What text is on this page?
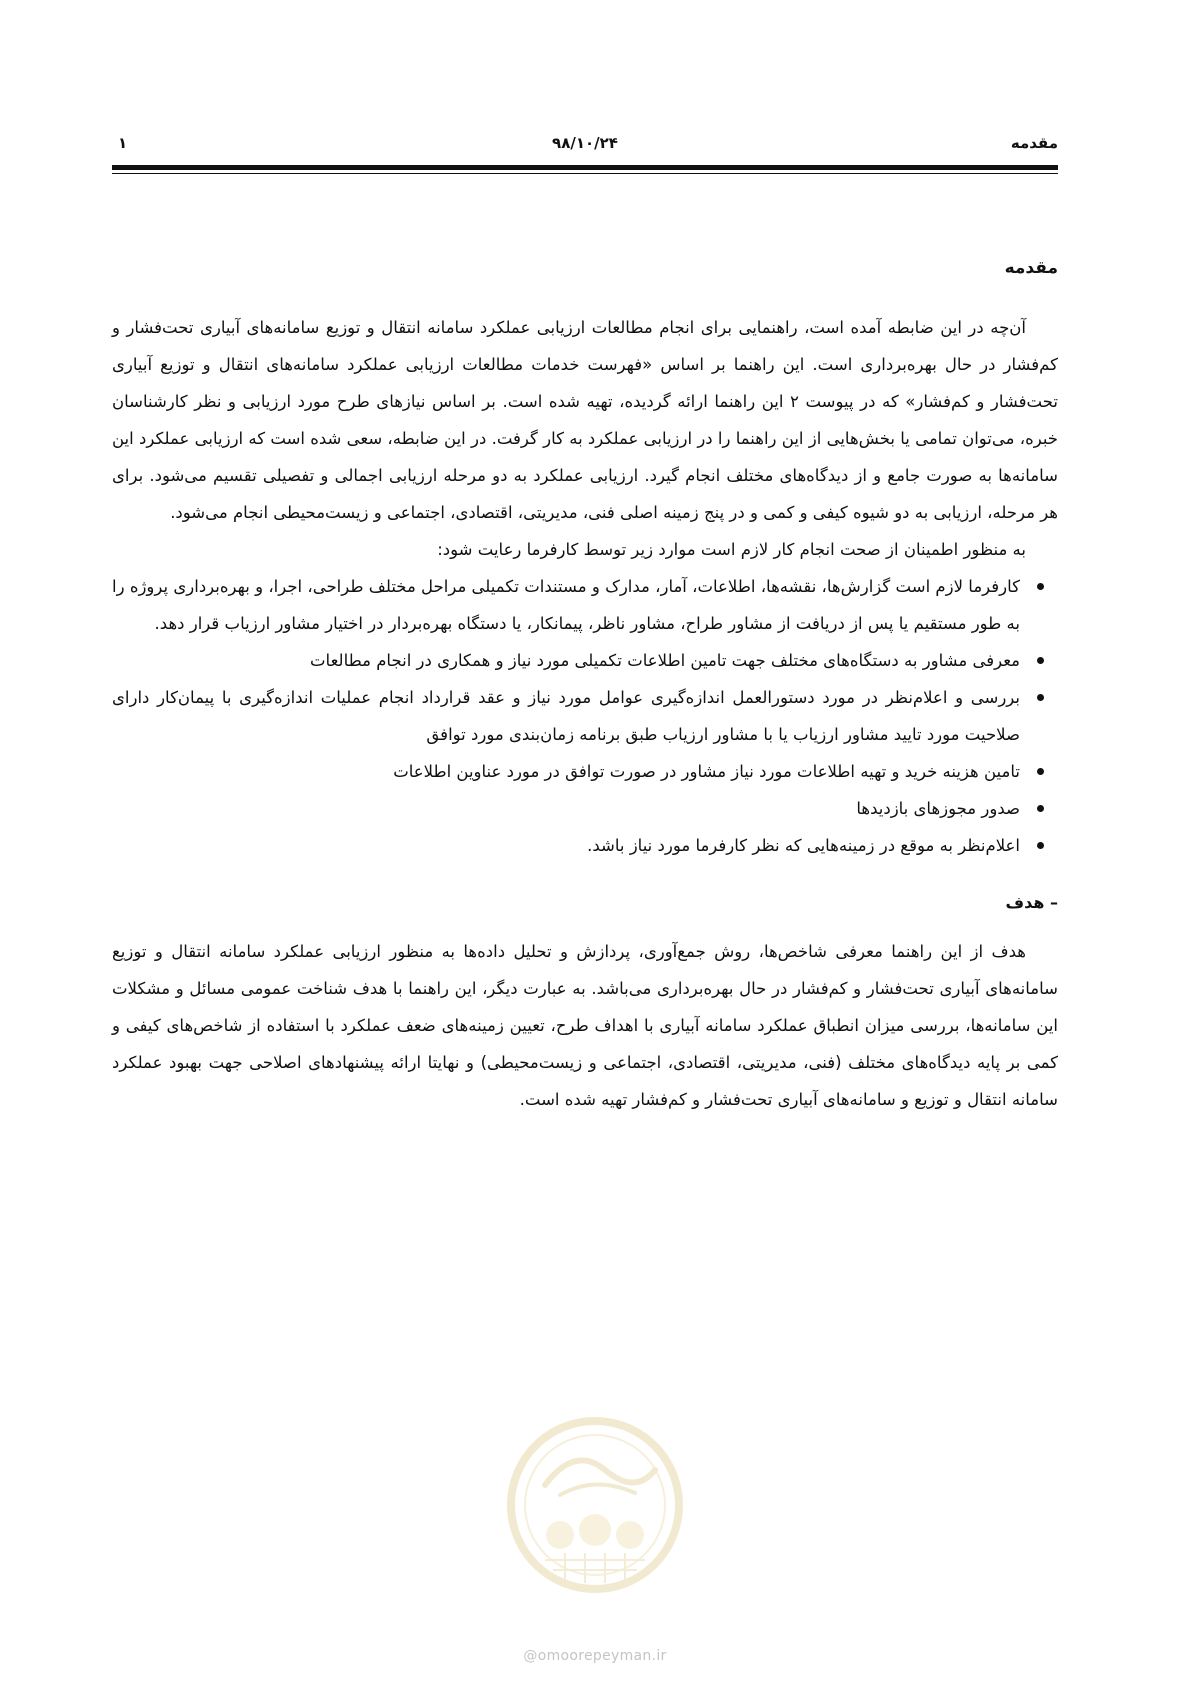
مقدمه
۹۸/۱۰/۲۴
۱
مقدمه

آن‌چه در این ضابطه آمده است، راهنمایی برای انجام مطالعات ارزیابی عملکرد سامانه انتقال و توزیع سامانه‌های آبیاری تحت‌فشار و کم‌فشار در حال بهره‌برداری است. این راهنما بر اساس «فهرست خدمات مطالعات ارزیابی عملکرد سامانه‌های انتقال و توزیع آبیاری تحت‌فشار و کم‌فشار» که در پیوست ۲ این راهنما ارائه گردیده، تهیه شده است. بر اساس نیازهای طرح مورد ارزیابی و نظر کارشناسان خبره، می‌توان تمامی یا بخش‌هایی از این راهنما را در ارزیابی عملکرد به کار گرفت. در این ضابطه، سعی شده است که ارزیابی عملکرد این سامانه‌ها به صورت جامع و از دیدگاه‌های مختلف انجام گیرد. ارزیابی عملکرد به دو مرحله ارزیابی اجمالی و تفصیلی تقسیم می‌شود. برای هر مرحله، ارزیابی به دو شیوه کیفی و کمی و در پنج زمینه اصلی فنی، مدیریتی، اقتصادی، اجتماعی و زیست‌محیطی انجام می‌شود.

به منظور اطمینان از صحت انجام کار لازم است موارد زیر توسط کارفرما رعایت شود:

کارفرما لازم است گزارش‌ها، نقشه‌ها، اطلاعات، آمار، مدارک و مستندات تکمیلی مراحل مختلف طراحی، اجرا، و بهره‌برداری پروژه را به طور مستقیم یا پس از دریافت از مشاور طراح، مشاور ناظر، پیمانکار، یا دستگاه بهره‌بردار در اختیار مشاور ارزیاب قرار دهد.
معرفی مشاور به دستگاه‌های مختلف جهت تامین اطلاعات تکمیلی مورد نیاز و همکاری در انجام مطالعات
بررسی و اعلام‌نظر در مورد دستورالعمل اندازه‌گیری عوامل مورد نیاز و عقد قرارداد انجام عملیات اندازه‌گیری با پیمان‌کار دارای صلاحیت مورد تایید مشاور ارزیاب یا با مشاور ارزیاب طبق برنامه زمان‌بندی مورد توافق
تامین هزینه خرید و تهیه اطلاعات مورد نیاز مشاور در صورت توافق در مورد عناوین اطلاعات
صدور مجوزهای بازدیدها
اعلام‌نظر به موقع در زمینه‌هایی که نظر کارفرما مورد نیاز باشد.
– هدف

هدف از این راهنما معرفی شاخص‌ها، روش جمع‌آوری، پردازش و تحلیل داده‌ها به منظور ارزیابی عملکرد سامانه انتقال و توزیع سامانه‌های آبیاری تحت‌فشار و کم‌فشار در حال بهره‌برداری می‌باشد. به عبارت دیگر، این راهنما با هدف شناخت عمومی مسائل و مشکلات این سامانه‌ها، بررسی میزان انطباق عملکرد سامانه آبیاری با اهداف طرح، تعیین زمینه‌های ضعف عملکرد با استفاده از شاخص‌های کیفی و کمی بر پایه دیدگاه‌های مختلف (فنی، مدیریتی، اقتصادی، اجتماعی و زیست‌محیطی) و نهایتا ارائه پیشنهادهای اصلاحی جهت بهبود عملکرد سامانه انتقال و توزیع و سامانه‌های آبیاری تحت‌فشار و کم‌فشار تهیه شده است.

@omoorepeyman.ir
